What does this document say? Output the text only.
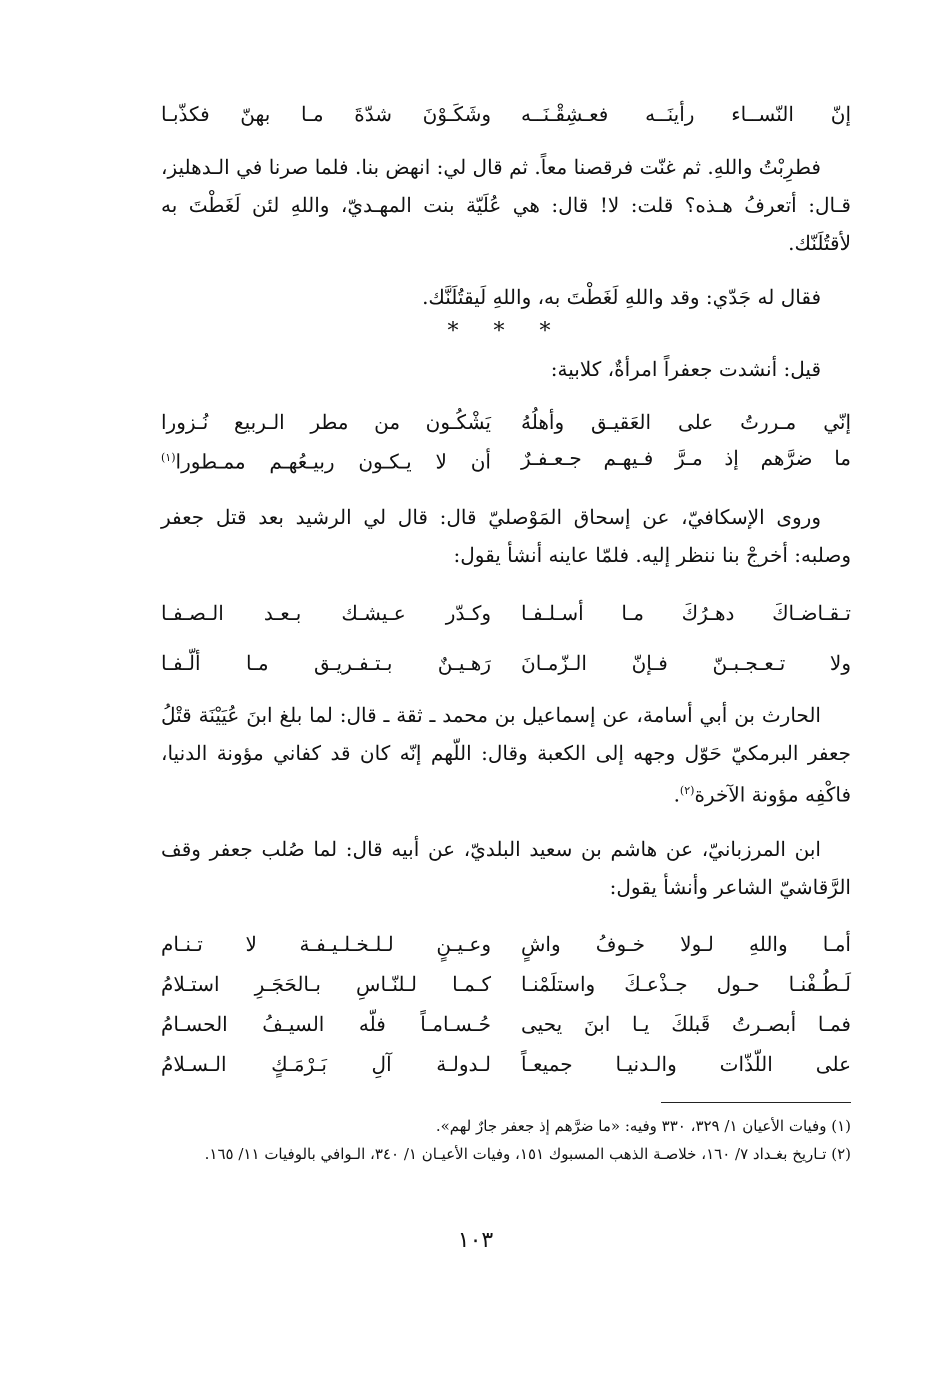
إنّ النّســاء رأينَــه فعـشِقْـنَــه
وشَكَـوْنَ شدّةَ مـا بهنّ فكذّبـا

فطرِبْتُ واللهِ. ثم غنّت فرقصنا معاً. ثم قال لي: انهض بنا. فلما صرنا في الـدهليز، قـال: أتعرفُ هـذه؟ قلت: لا! قال: هي عُلَيّة بنت المهـديّ، واللهِ لئن لَغَطْتَ به لأقتُلَنّك.

فقال له جَدّي: وقد واللهِ لَغَطْتَ به، واللهِ لَيقتُلَنَّك.

* * *

قيل: أنشدت جعفراً امرأةٌ، كلابية:

إنّي مـررتُ على العَقيـق وأهلُهُ
يَشْكُـون من مطر الـربيع نُـزورا
ما ضرَّهم إذ مـرَّ فـيهـم جـعـفـرٌ
أن لا يـكـون ربيـعُهـم ممـطورا$^{(١)}$

وروى الإسكافيّ، عن إسحاق المَوْصليّ قال: قال لي الرشيد بعد قتل جعفر وصلبه: أخرجْ بنا ننظر إليه. فلمّا عاينه أنشأ يقول:

تـقـاضـاكَ دهـرُكَ مـا أسـلـفـا
وكـدّر عـيشـك بـعـد الـصـفـا
ولا تـعـجـبـنّ فـإنّ الـزّمـانَ
رَهـيـنٌ بـتـفـريـق مـا ألّـفـا

الحارث بن أبي أسامة، عن إسماعيل بن محمد ـ ثقة ـ قال: لما بلغ ابنَ عُيَيْنَة قتْلُ جعفر البرمكيّ حَوّل وجهه إلى الكعبة وقال: اللّهم إنّه كان قد كفاني مؤونة الدنيا، فاكْفِه مؤونة الآخرة$^{(٢)}$.

ابن المرزبانيّ، عن هاشم بن سعيد البلديّ، عن أبيه قال: لما صُلب جعفر وقف الرَّقاشيّ الشاعر وأنشأ يقول:

أمـا واللهِ لـولا خـوفُ واشٍ
وعـيـنٍ لـلـخـلـيـفـة لا تـنـام
لَـطُـفْنـا حـول جـذْعـكَ واستلَمْنـا
كـمـا لـلنّـاسِ بـالحَجَـرِ استـلامُ
فمـا أبصـرتُ قَبلكَ يـا ابنَ يحيى
حُـسـامـاً فلّه السيـفُ الحسـامُ
على اللّذّات والـدنيـا جميعـاً
لـدولـة آلِ بَـرْمَـكٍ الـسـلامُ

(١) وفيات الأعيان ١/ ٣٢٩، ٣٣٠ وفيه: «ما ضرَّهم إذ جعفر جارٌ لهم».

(٢) تـاريخ بغـداد ٧/ ١٦٠، خلاصـة الذهب المسبوك ١٥١، وفيات الأعيـان ١/ ٣٤٠، الـوافي بالوفيات ١١/ ١٦٥.

١٠٣
